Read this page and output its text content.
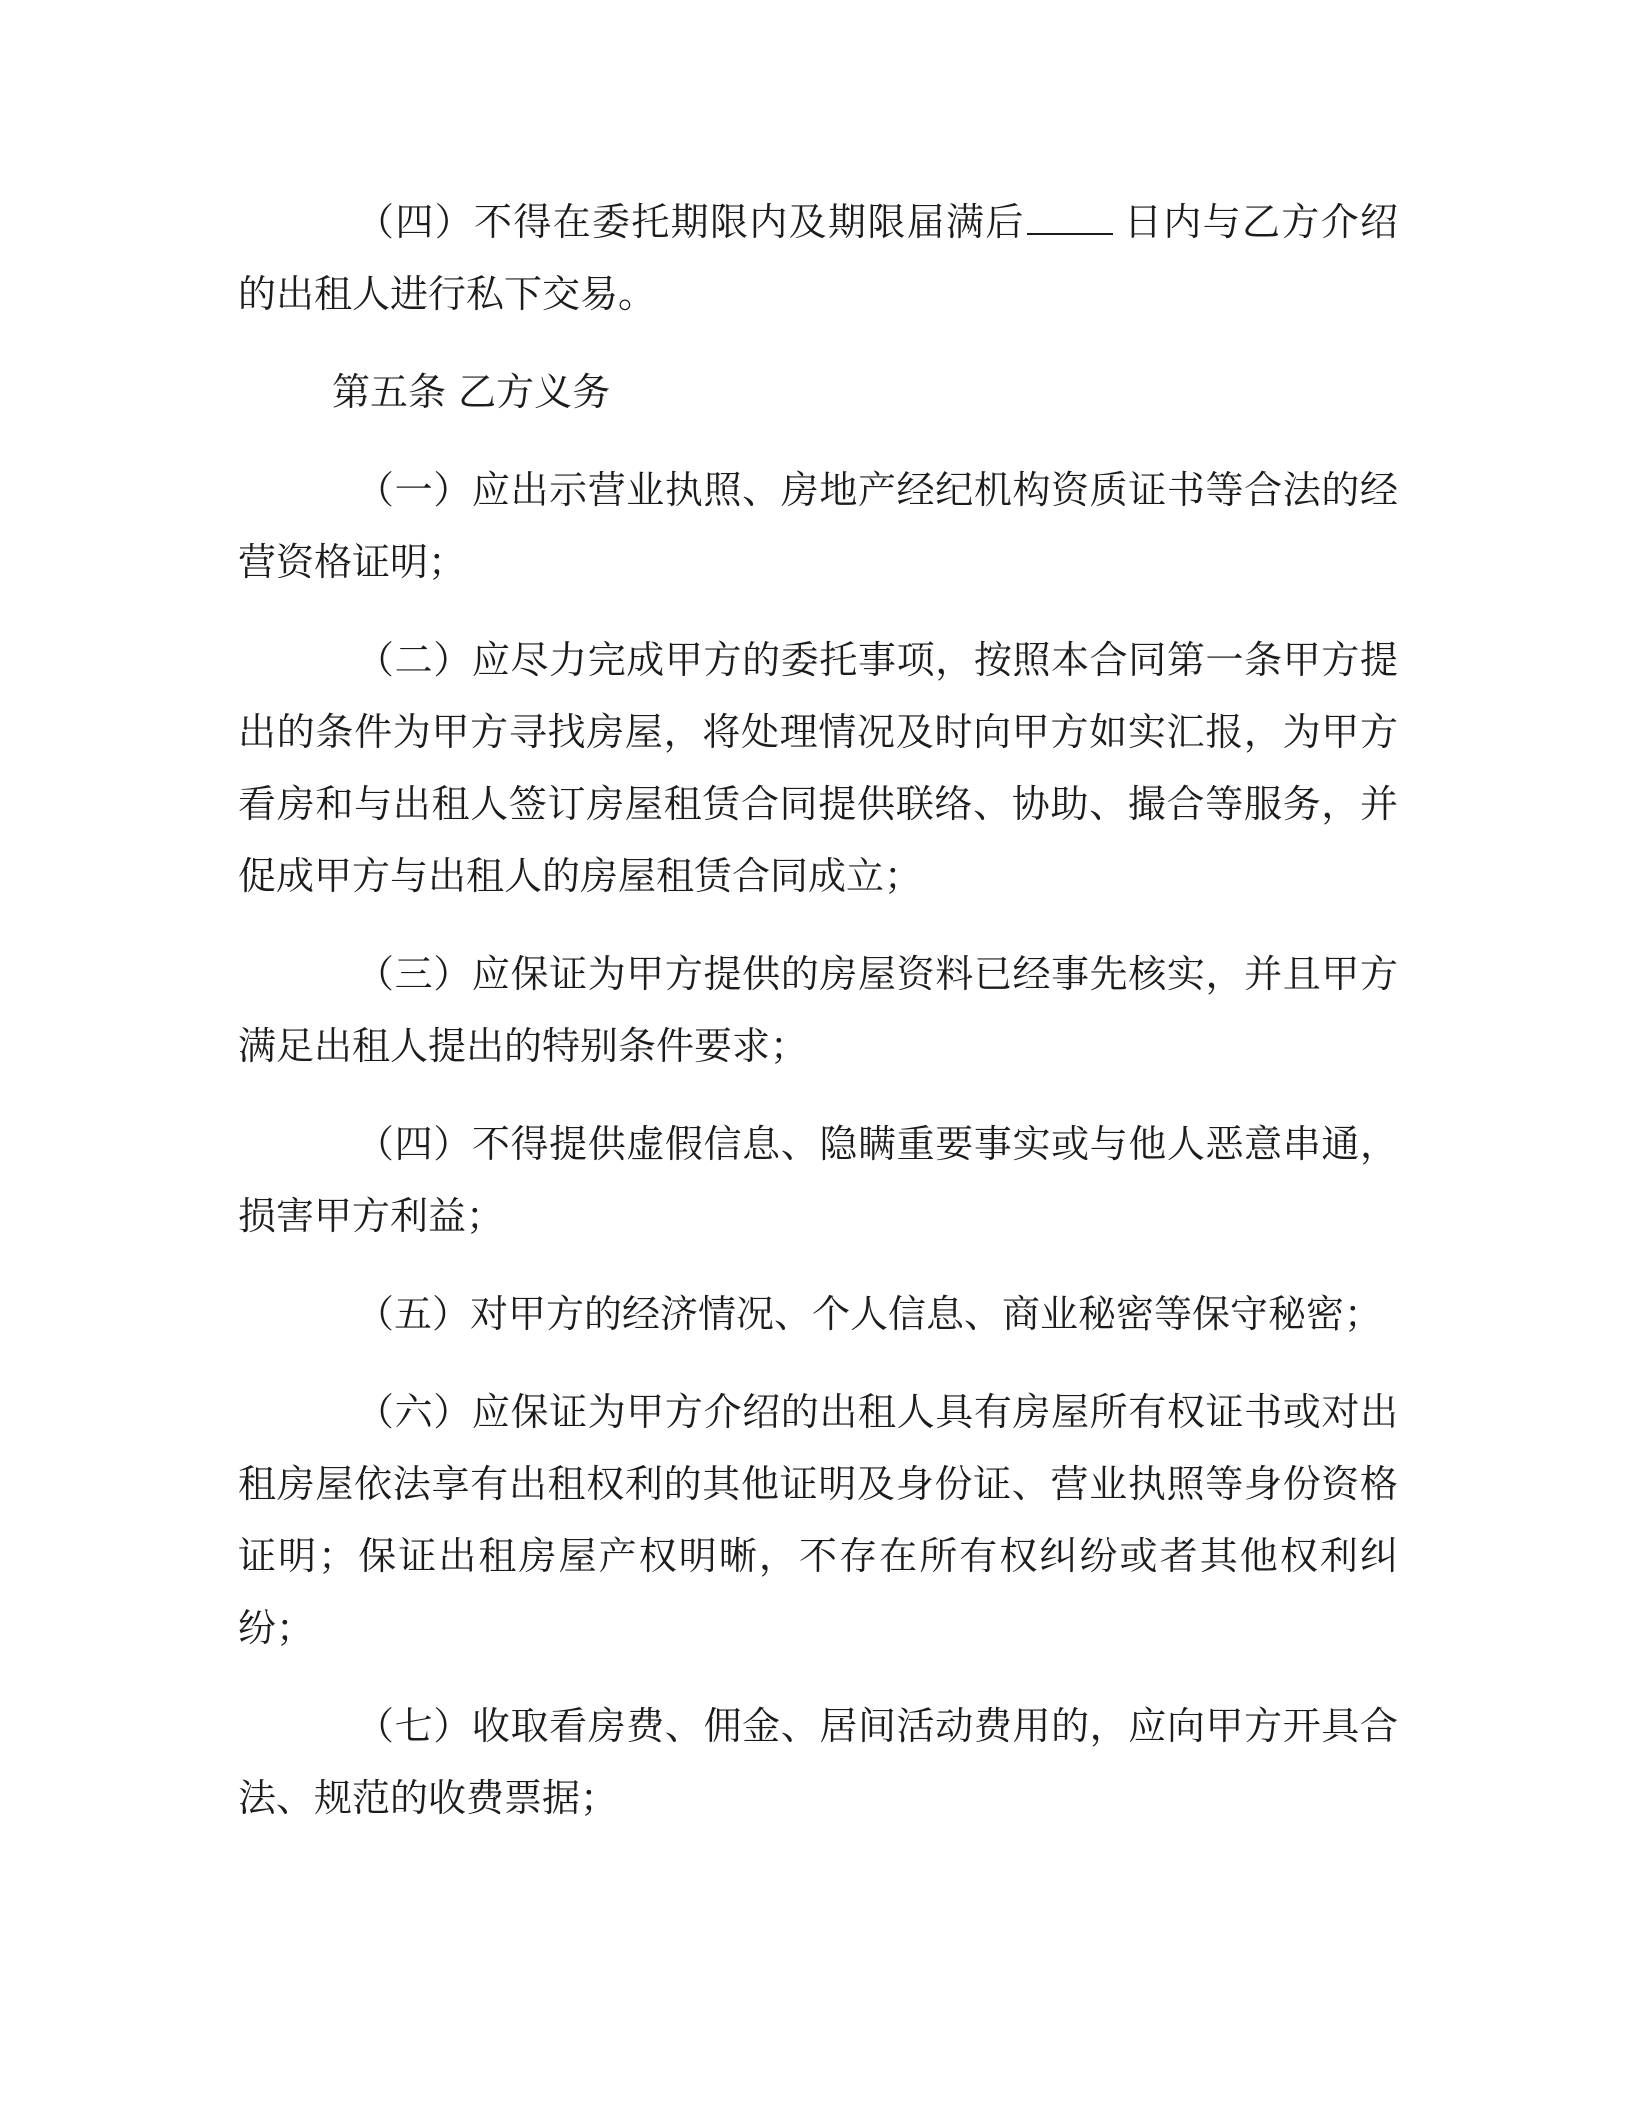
（四）不得在委托期限内及期限届满后	日内与乙方介绍的出租人进行私下交易。

第五条 乙方义务

（一）应出示营业执照、房地产经纪机构资质证书等合法的经营资格证明；

（二）应尽力完成甲方的委托事项，按照本合同第一条甲方提出的条件为甲方寻找房屋，将处理情况及时向甲方如实汇报，为甲方看房和与出租人签订房屋租赁合同提供联络、协助、撮合等服务，并促成甲方与出租人的房屋租赁合同成立；

（三）应保证为甲方提供的房屋资料已经事先核实，并且甲方满足出租人提出的特别条件要求；

（四）不得提供虚假信息、隐瞒重要事实或与他人恶意串通，损害甲方利益；

（五）对甲方的经济情况、个人信息、商业秘密等保守秘密；

（六）应保证为甲方介绍的出租人具有房屋所有权证书或对出租房屋依法享有出租权利的其他证明及身份证、营业执照等身份资格证明；保证出租房屋产权明晰，不存在所有权纠纷或者其他权利纠纷；

（七）收取看房费、佣金、居间活动费用的，应向甲方开具合法、规范的收费票据；
